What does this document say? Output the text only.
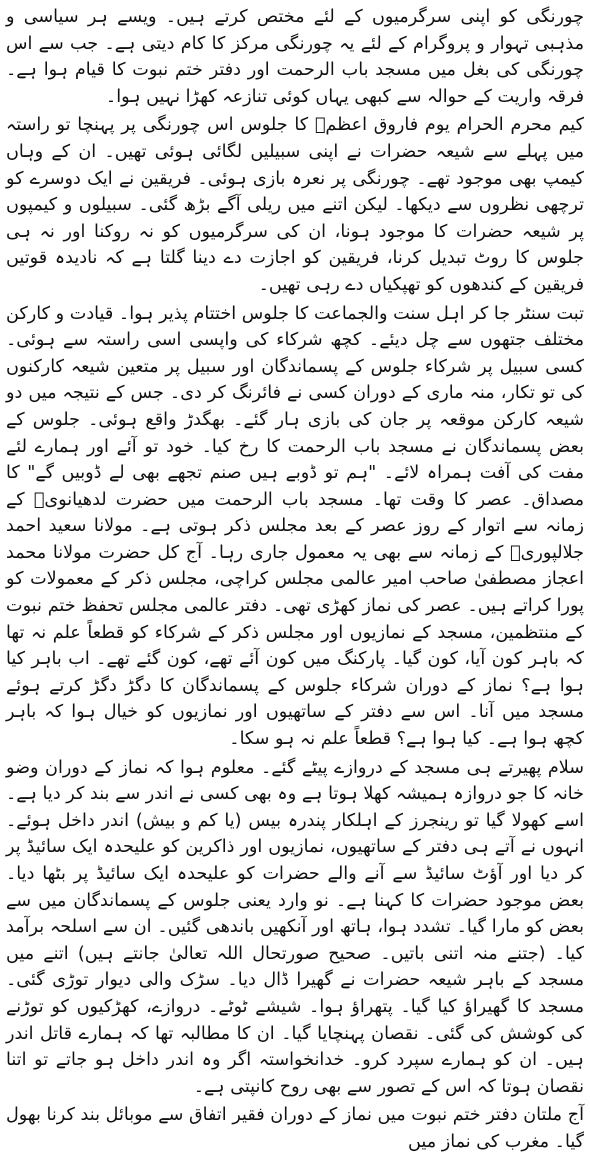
چورنگی کو اپنی سرگرمیوں کے لئے مختص کرتے ہیں۔ ویسے ہر سیاسی و مذہبی تہوار و پروگرام کے لئے یہ چورنگی مرکز کا کام دیتی ہے۔ جب سے اس چورنگی کی بغل میں مسجد باب الرحمت اور دفتر ختم نبوت کا قیام ہوا ہے۔ فرقہ واریت کے حوالہ سے کبھی یہاں کوئی تنازعہ کھڑا نہیں ہوا۔

کیم محرم الحرام یوم فاروق اعظمؓ کا جلوس اس چورنگی پر پہنچا تو راستہ میں پہلے سے شیعہ حضرات نے اپنی سبیلیں لگائی ہوئی تھیں۔ ان کے وہاں کیمپ بھی موجود تھے۔ چورنگی پر نعرہ بازی ہوئی۔ فریقین نے ایک دوسرے کو ترچھی نظروں سے دیکھا۔ لیکن اتنے میں ریلی آگے بڑھ گئی۔ سبیلوں و کیمپوں پر شیعہ حضرات کا موجود ہونا، ان کی سرگرمیوں کو نہ روکنا اور نہ ہی جلوس کا روٹ تبدیل کرنا، فریقین کو اجازت دے دینا گلتا ہے کہ نادیدہ قوتیں فریقین کے کندھوں کو تھپکیاں دے رہی تھیں۔

تبت سنٹر جا کر اہل سنت والجماعت کا جلوس اختتام پذیر ہوا۔ قیادت و کارکن مختلف جتھوں سے چل دیئے۔ کچھ شرکاء کی واپسی اسی راستہ سے ہوئی۔ کسی سبیل پر شرکاء جلوس کے پسماندگان اور سبیل پر متعین شیعہ کارکنوں کی تو تکار، منہ ماری کے دوران کسی نے فائرنگ کر دی۔ جس کے نتیجہ میں دو شیعہ کارکن موقعہ پر جان کی بازی ہار گئے۔ بھگدڑ واقع ہوئی۔ جلوس کے بعض پسماندگان نے مسجد باب الرحمت کا رخ کیا۔ خود تو آئے اور ہمارے لئے مفت کی آفت ہمراہ لائے۔ "ہم تو ڈوبے ہیں صنم تجھے بھی لے ڈوبیں گے" کا مصداق۔ عصر کا وقت تھا۔ مسجد باب الرحمت میں حضرت لدھیانویؒ کے زمانہ سے اتوار کے روز عصر کے بعد مجلس ذکر ہوتی ہے۔ مولانا سعید احمد جلالپوریؒ کے زمانہ سے بھی یہ معمول جاری رہا۔ آج کل حضرت مولانا محمد اعجاز مصطفیٰ صاحب امیر عالمی مجلس کراچی، مجلس ذکر کے معمولات کو پورا کراتے ہیں۔ عصر کی نماز کھڑی تھی۔ دفتر عالمی مجلس تحفظ ختم نبوت کے منتظمین، مسجد کے نمازیوں اور مجلس ذکر کے شرکاء کو قطعاً علم نہ تھا کہ باہر کون آیا، کون گیا۔ پارکنگ میں کون آئے تھے، کون گئے تھے۔ اب باہر کیا ہوا ہے؟ نماز کے دوران شرکاء جلوس کے پسماندگان کا دگڑ دگڑ کرتے ہوئے مسجد میں آنا۔ اس سے دفتر کے ساتھیوں اور نمازیوں کو خیال ہوا کہ باہر کچھ ہوا ہے۔ کیا ہوا ہے؟ قطعاً علم نہ ہو سکا۔

سلام پھیرتے ہی مسجد کے دروازے پیٹے گئے۔ معلوم ہوا کہ نماز کے دوران وضو خانہ کا جو دروازہ ہمیشہ کھلا ہوتا ہے وہ بھی کسی نے اندر سے بند کر دیا ہے۔ اسے کھولا گیا تو رینجرز کے اہلکار پندرہ بیس (یا کم و بیش) اندر داخل ہوئے۔ انہوں نے آتے ہی دفتر کے ساتھیوں، نمازیوں اور ذاکرین کو علیحدہ ایک سائیڈ پر کر دیا اور آؤٹ سائیڈ سے آنے والے حضرات کو علیحدہ ایک سائیڈ پر بٹھا دیا۔ بعض موجود حضرات کا کہنا ہے۔ نو وارد یعنی جلوس کے پسماندگان میں سے بعض کو مارا گیا۔ تشدد ہوا، ہاتھ اور آنکھیں باندھی گئیں۔ ان سے اسلحہ برآمد کیا۔ (جتنے منہ اتنی باتیں۔ صحیح صورتحال اللہ تعالیٰ جانتے ہیں) اتنے میں مسجد کے باہر شیعہ حضرات نے گھیرا ڈال دیا۔ سڑک والی دیوار توڑی گئی۔ مسجد کا گھیراؤ کیا گیا۔ پتھراؤ ہوا۔ شیشے ٹوٹے۔ دروازے، کھڑکیوں کو توڑنے کی کوشش کی گئی۔ نقصان پہنچایا گیا۔ ان کا مطالبہ تھا کہ ہمارے قاتل اندر ہیں۔ ان کو ہمارے سپرد کرو۔ خدانخواستہ اگر وہ اندر داخل ہو جاتے تو اتنا نقصان ہوتا کہ اس کے تصور سے بھی روح کانپتی ہے۔

آج ملتان دفتر ختم نبوت میں نماز کے دوران فقیر اتفاق سے موبائل بند کرنا بھول گیا۔ مغرب کی نماز میں
